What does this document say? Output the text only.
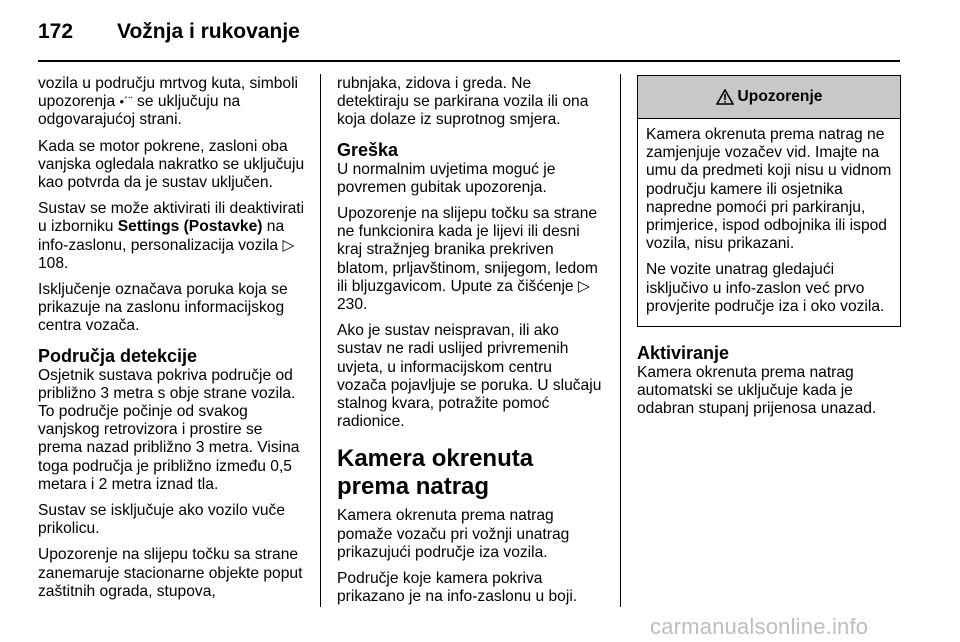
172 Vožnja i rukovanje

vozila u području mrtvog kuta, simboli upozorenja •´¨ se uključuju na odgovarajućoj strani.

Kada se motor pokrene, zasloni oba vanjska ogledala nakratko se uključuju kao potvrda da je sustav uključen.

Sustav se može aktivirati ili deaktivirati u izborniku Settings (Postavke) na info-zaslonu, personalizacija vozila ▷ 108.

Isključenje označava poruka koja se prikazuje na zaslonu informacijskog centra vozača.

Područja detekcije

Osjetnik sustava pokriva područje od približno 3 metra s obje strane vozila. To područje počinje od svakog vanjskog retrovizora i prostire se prema nazad približno 3 metra. Visina toga područja je približno između 0,5 metara i 2 metra iznad tla.

Sustav se isključuje ako vozilo vuče prikolicu.

Upozorenje na slijepu točku sa strane zanemaruje stacionarne objekte poput zaštitnih ograda, stupova,

rubnjaka, zidova i greda. Ne detektiraju se parkirana vozila ili ona koja dolaze iz suprotnog smjera.

Greška

U normalnim uvjetima moguć je povremen gubitak upozorenja.

Upozorenje na slijepu točku sa strane ne funkcionira kada je lijevi ili desni kraj stražnjeg branika prekriven blatom, prljavštinom, snijegom, ledom ili bljuzgavicom. Upute za čišćenje ▷ 230.

Ako je sustav neispravan, ili ako sustav ne radi uslijed privremenih uvjeta, u informacijskom centru vozača pojavljuje se poruka. U slučaju stalnog kvara, potražite pomoć radionice.

Kamera okrenuta prema natrag

Kamera okrenuta prema natrag pomaže vozaču pri vožnji unatrag prikazujući područje iza vozila.

Područje koje kamera pokriva prikazano je na info-zaslonu u boji.

Upozorenje

Kamera okrenuta prema natrag ne zamjenjuje vozačev vid. Imajte na umu da predmeti koji nisu u vidnom području kamere ili osjetnika napredne pomoći pri parkiranju, primjerice, ispod odbojnika ili ispod vozila, nisu prikazani.

Ne vozite unatrag gledajući isključivo u info-zaslon već prvo provjerite područje iza i oko vozila.

Aktiviranje

Kamera okrenuta prema natrag automatski se uključuje kada je odabran stupanj prijenosa unazad.

carmanualsonline.info
